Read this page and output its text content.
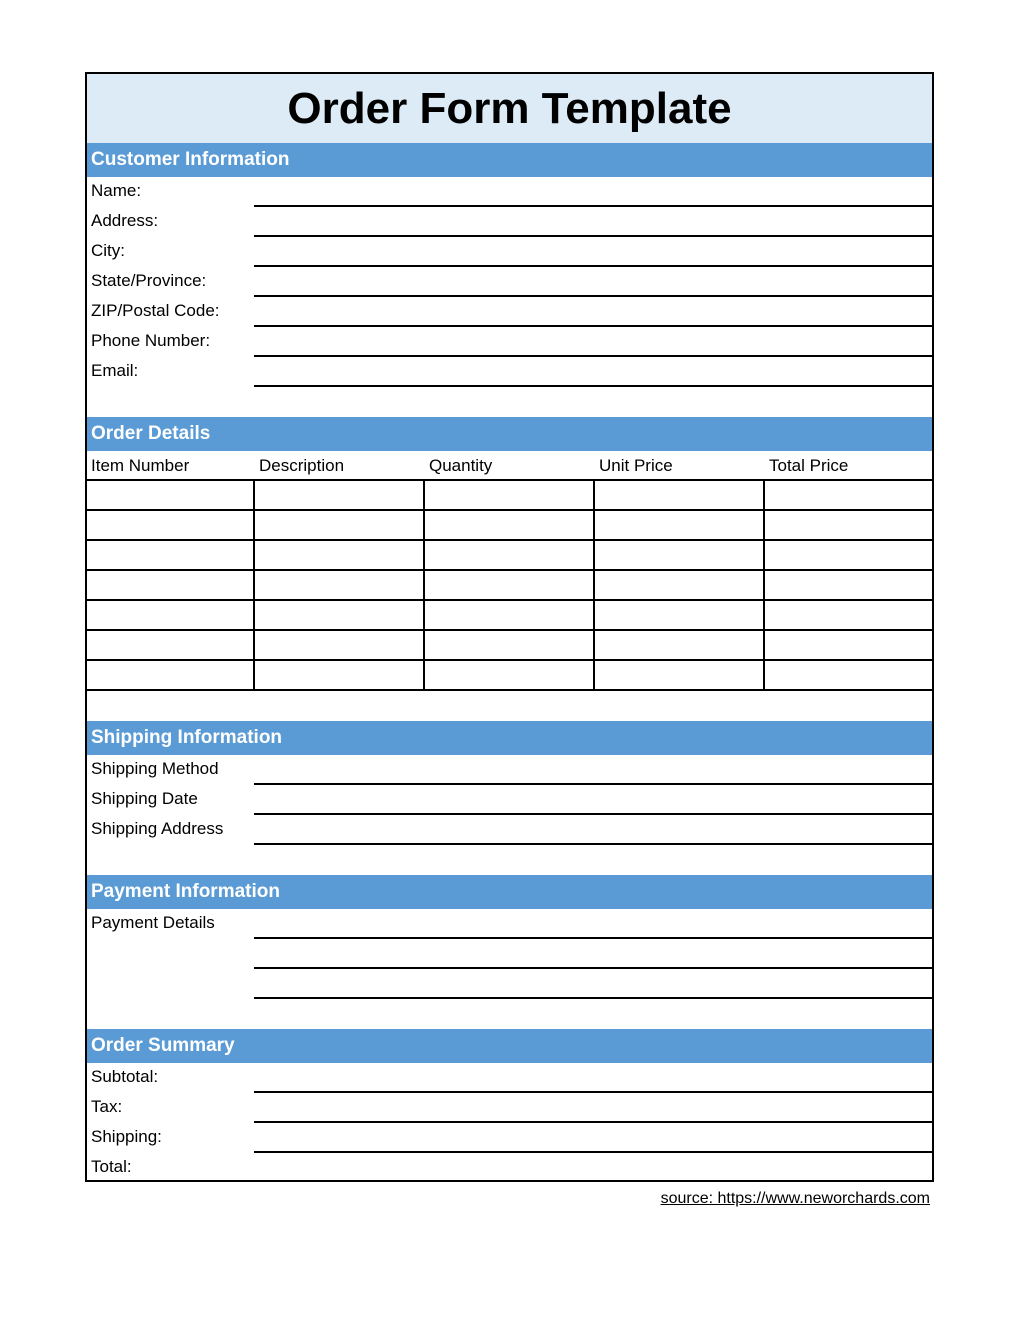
Order Form Template
Customer Information
Name:
Address:
City:
State/Province:
ZIP/Postal Code:
Phone Number:
Email:
Order Details
Item Number	Description	Quantity	Unit Price	Total Price
Shipping Information
Shipping Method
Shipping Date
Shipping Address
Payment Information
Payment Details
Order Summary
Subtotal:
Tax:
Shipping:
Total:
source: https://www.neworchards.com
